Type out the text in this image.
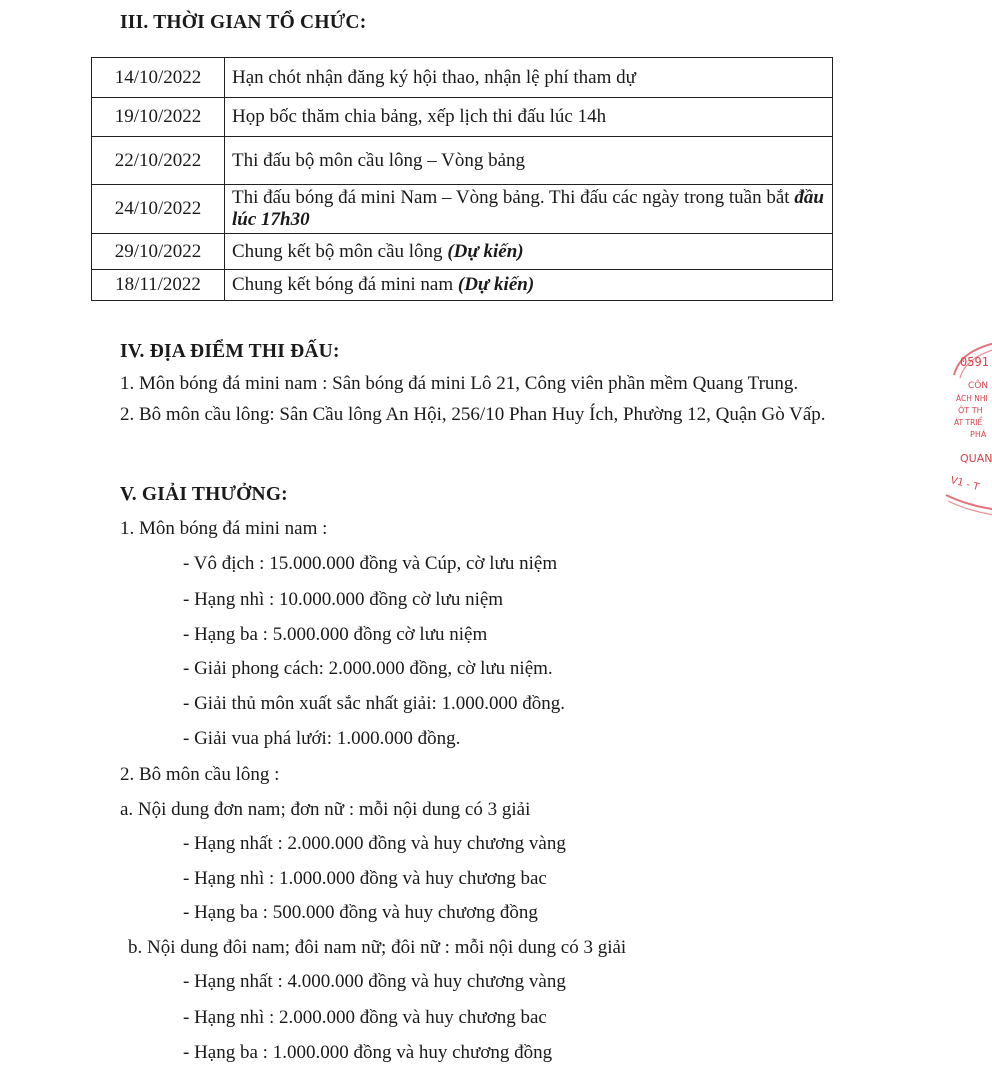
III. THỜI GIAN TỔ CHỨC:
14/10/2022	Hạn chót nhận đăng ký hội thao, nhận lệ phí tham dự
19/10/2022	Họp bốc thăm chia bảng, xếp lịch thi đấu lúc 14h
22/10/2022	Thi đấu bộ môn cầu lông – Vòng bảng
24/10/2022	Thi đấu bóng đá mini Nam – Vòng bảng. Thi đấu các ngày trong tuần bắt đầu lúc 17h30
29/10/2022	Chung kết bộ môn cầu lông (Dự kiến)
18/11/2022	Chung kết bóng đá mini nam (Dự kiến)
IV. ĐỊA ĐIỂM THI ĐẤU:
1. Môn bóng đá mini nam : Sân bóng đá mini Lô 21, Công viên phần mềm Quang Trung.
2. Bô môn cầu lông: Sân Cầu lông An Hội, 256/10 Phan Huy Ích, Phường 12, Quận Gò Vấp.
V. GIẢI THƯỞNG:
1. Môn bóng đá mini nam :
- Vô địch : 15.000.000 đồng và Cúp, cờ lưu niệm
- Hạng nhì : 10.000.000 đồng cờ lưu niệm
- Hạng ba : 5.000.000 đồng cờ lưu niệm
- Giải phong cách: 2.000.000 đồng, cờ lưu niệm.
- Giải thủ môn xuất sắc nhất giải: 1.000.000 đồng.
- Giải vua phá lưới: 1.000.000 đồng.
2. Bô môn cầu lông :
a. Nội dung đơn nam; đơn nữ : mỗi nội dung có 3 giải
- Hạng nhất : 2.000.000 đồng và huy chương vàng
- Hạng nhì : 1.000.000 đồng và huy chương bac
- Hạng ba : 500.000 đồng và huy chương đồng
b. Nội dung đôi nam; đôi nam nữ; đôi nữ : mỗi nội dung có 3 giải
- Hạng nhất : 4.000.000 đồng và huy chương vàng
- Hạng nhì : 2.000.000 đồng và huy chương bac
- Hạng ba : 1.000.000 đồng và huy chương đồng
0591
CÔN
ÁCH NHI
ỘT TH
ÁT TRIỂ
PHÁ
QUAN
V1 - T
